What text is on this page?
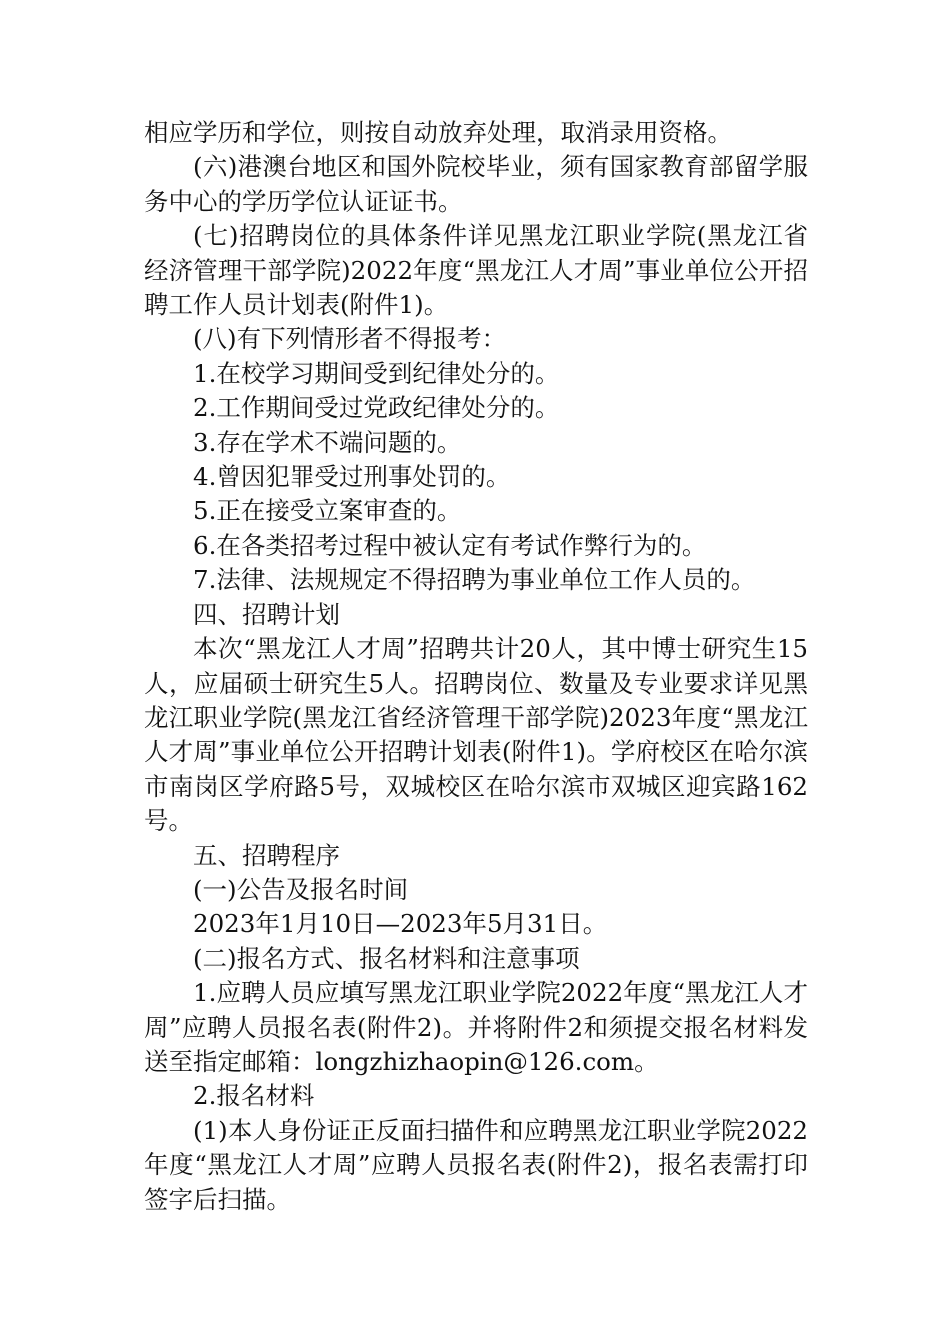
相应学历和学位，则按自动放弃处理，取消录用资格。

(六)港澳台地区和国外院校毕业，须有国家教育部留学服务中心的学历学位认证证书。

(七)招聘岗位的具体条件详见黑龙江职业学院(黑龙江省经济管理干部学院)2022年度“黑龙江人才周”事业单位公开招聘工作人员计划表(附件1)。

(八)有下列情形者不得报考：

1.在校学习期间受到纪律处分的。

2.工作期间受过党政纪律处分的。

3.存在学术不端问题的。

4.曾因犯罪受过刑事处罚的。

5.正在接受立案审查的。

6.在各类招考过程中被认定有考试作弊行为的。

7.法律、法规规定不得招聘为事业单位工作人员的。

四、招聘计划

本次“黑龙江人才周”招聘共计20人，其中博士研究生15人，应届硕士研究生5人。招聘岗位、数量及专业要求详见黑龙江职业学院(黑龙江省经济管理干部学院)2023年度“黑龙江人才周”事业单位公开招聘计划表(附件1)。学府校区在哈尔滨市南岗区学府路5号，双城校区在哈尔滨市双城区迎宾路162号。

五、招聘程序

(一)公告及报名时间

2023年1月10日—2023年5月31日。

(二)报名方式、报名材料和注意事项

1.应聘人员应填写黑龙江职业学院2022年度“黑龙江人才周”应聘人员报名表(附件2)。并将附件2和须提交报名材料发送至指定邮箱：longzhizhaopin@126.com。

2.报名材料

(1)本人身份证正反面扫描件和应聘黑龙江职业学院2022年度“黑龙江人才周”应聘人员报名表(附件2)，报名表需打印签字后扫描。
